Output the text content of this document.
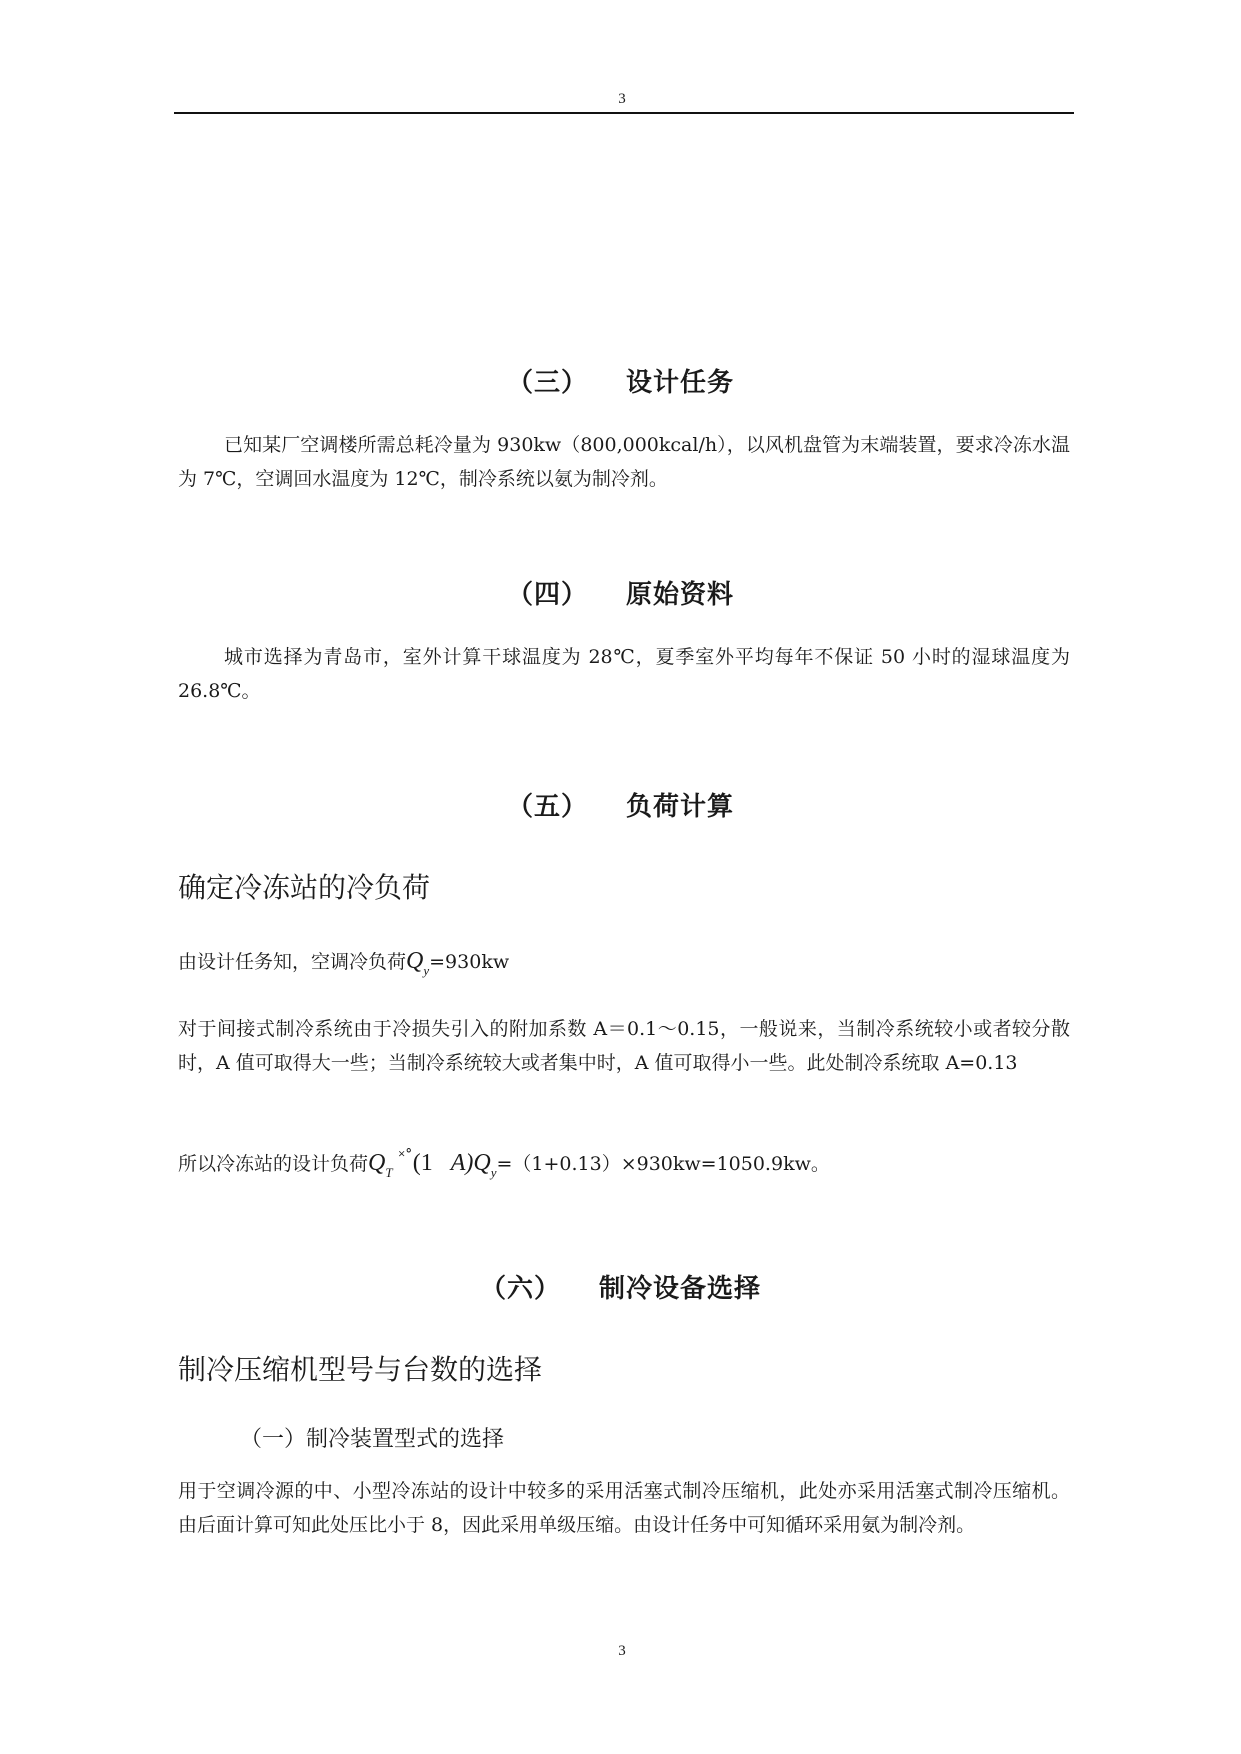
3
（三） 设计任务
已知某厂空调楼所需总耗冷量为 930kw（800,000kcal/h），以风机盘管为末端装置，要求冷冻水温为 7℃，空调回水温度为 12℃，制冷系统以氨为制冷剂。
（四） 原始资料
城市选择为青岛市，室外计算干球温度为 28℃，夏季室外平均每年不保证 50 小时的湿球温度为 26.8℃。
（五） 负荷计算
确定冷冻站的冷负荷
由设计任务知，空调冷负荷$Q_y=930kw$
对于间接式制冷系统由于冷损失引入的附加系数 A＝0.1～0.15，一般说来，当制冷系统较小或者较分散时，A 值可取得大一些；当制冷系统较大或者集中时，A 值可取得小一些。此处制冷系统取 A=0.13
所以冷冻站的设计负荷$Q_T^{˟˚}(1$ $A)Q_y=(1+0.13)\times 930kw=1050.9kw$。
（六） 制冷设备选择
制冷压缩机型号与台数的选择
（一）制冷装置型式的选择
用于空调冷源的中、小型冷冻站的设计中较多的采用活塞式制冷压缩机，此处亦采用活塞式制冷压缩机。由后面计算可知此处压比小于 8，因此采用单级压缩。由设计任务中可知循环采用氨为制冷剂。
3
